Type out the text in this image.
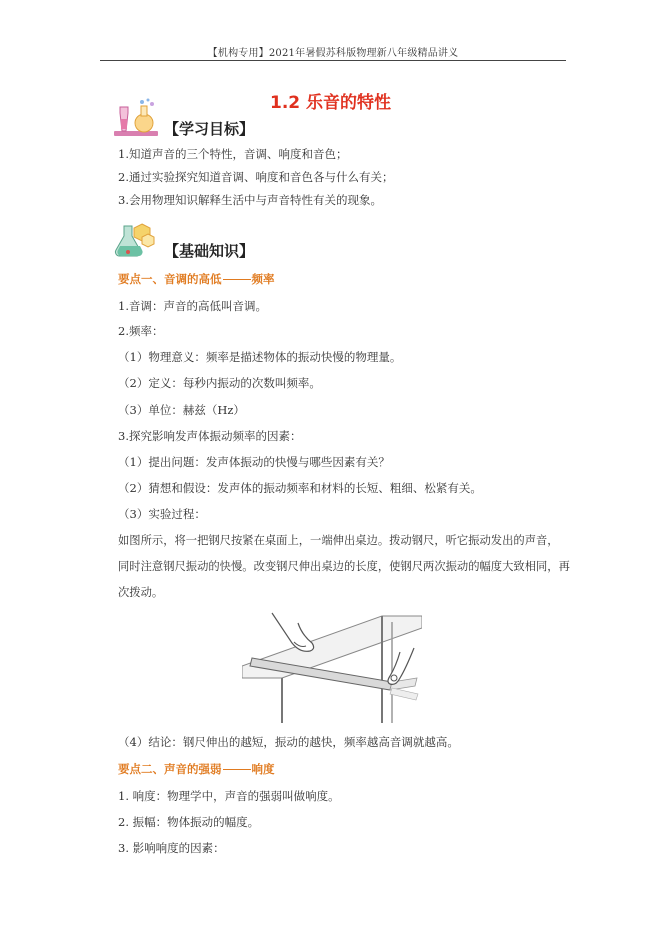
【机构专用】2021年暑假苏科版物理新八年级精品讲义
1.2 乐音的特性
【学习目标】
1.知道声音的三个特性，音调、响度和音色；
2.通过实验探究知道音调、响度和音色各与什么有关；
3.会用物理知识解释生活中与声音特性有关的现象。
【基础知识】
要点一、音调的高低	频率
1.音调：声音的高低叫音调。
2.频率：
（1）物理意义：频率是描述物体的振动快慢的物理量。
（2）定义：每秒内振动的次数叫频率。
（3）单位：赫兹（Hz）
3.探究影响发声体振动频率的因素：
（1）提出问题：发声体振动的快慢与哪些因素有关？
（2）猜想和假设：发声体的振动频率和材料的长短、粗细、松紧有关。
（3）实验过程：
如图所示，将一把钢尺按紧在桌面上，一端伸出桌边。拨动钢尺，听它振动发出的声音，
同时注意钢尺振动的快慢。改变钢尺伸出桌边的长度，使钢尺两次振动的幅度大致相同，再
次拨动。
（4）结论：钢尺伸出的越短，振动的越快，频率越高音调就越高。
要点二、声音的强弱	响度
1. 响度：物理学中，声音的强弱叫做响度。
2. 振幅：物体振动的幅度。
3. 影响响度的因素：
